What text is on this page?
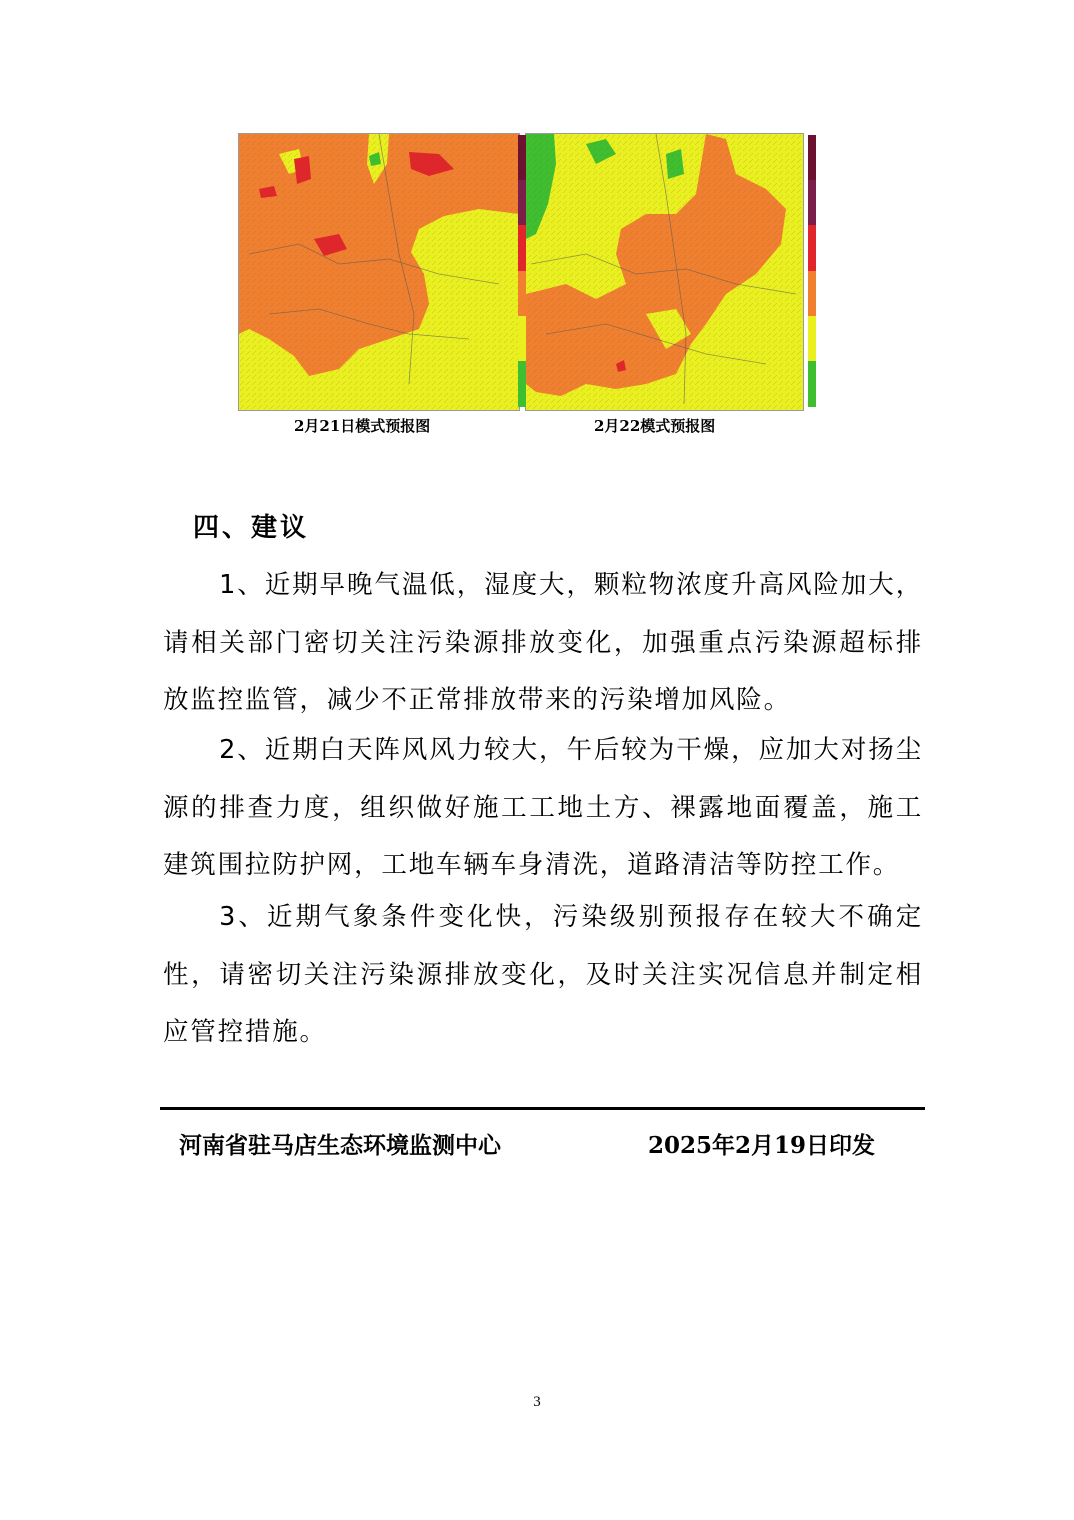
2月21日模式预报图	2月22模式预报图
四、建议
1、近期早晚气温低，湿度大，颗粒物浓度升高风险加大，请相关部门密切关注污染源排放变化，加强重点污染源超标排放监控监管，减少不正常排放带来的污染增加风险。
2、近期白天阵风风力较大，午后较为干燥，应加大对扬尘源的排查力度，组织做好施工工地土方、裸露地面覆盖，施工建筑围拉防护网，工地车辆车身清洗，道路清洁等防控工作。
3、近期气象条件变化快，污染级别预报存在较大不确定性，请密切关注污染源排放变化，及时关注实况信息并制定相应管控措施。
河南省驻马店生态环境监测中心	2025年2月19日印发
3
